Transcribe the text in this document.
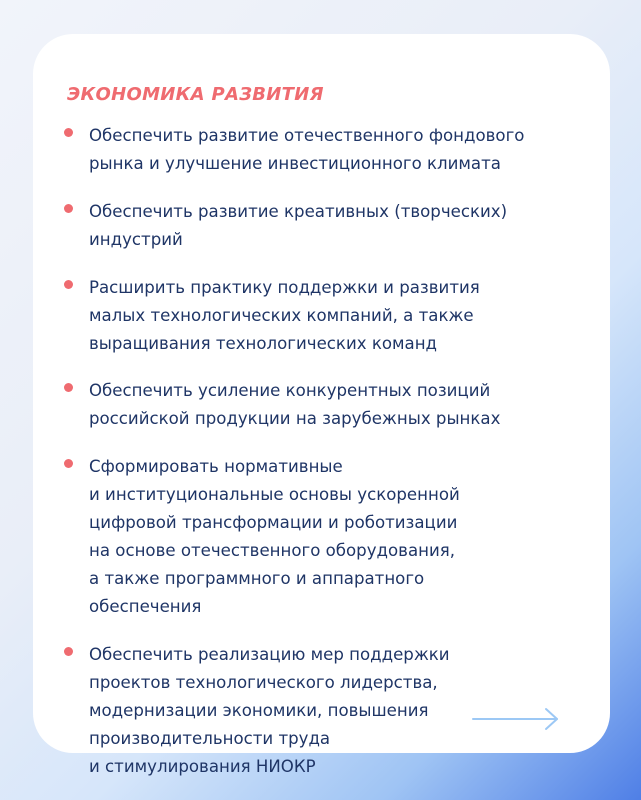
ЭКОНОМИКА РАЗВИТИЯ
Обеспечить развитие отечественного фондового
рынка и улучшение инвестиционного климата
Обеспечить развитие креативных (творческих)
индустрий
Расширить практику поддержки и развития
малых технологических компаний, а также
выращивания технологических команд
Обеспечить усиление конкурентных позиций
российской продукции на зарубежных рынках
Сформировать нормативные
и институциональные основы ускоренной
цифровой трансформации и роботизации
на основе отечественного оборудования,
а также программного и аппаратного
обеспечения
Обеспечить реализацию мер поддержки
проектов технологического лидерства,
модернизации экономики, повышения
производительности труда
и стимулирования НИОКР
